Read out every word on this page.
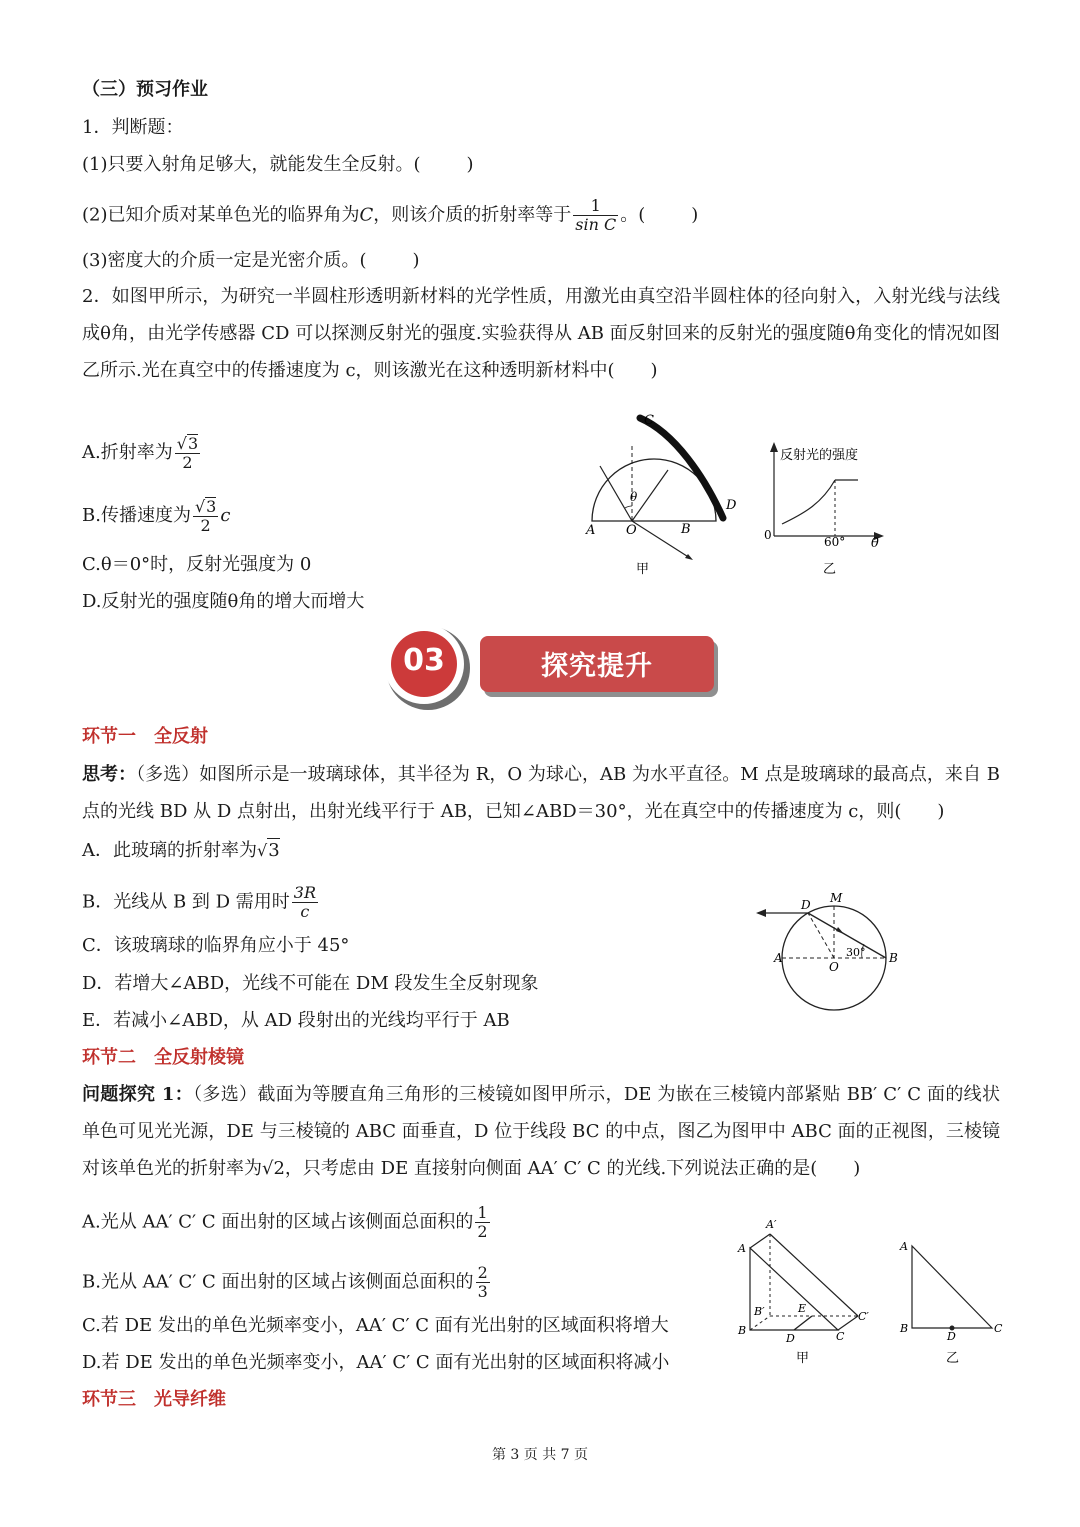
（三）预习作业
1．判断题：
(1)只要入射角足够大，就能发生全反射。(	)
(2)已知介质对某单色光的临界角为C，则该介质的折射率等于 $\frac{1}{\text{sin C}}$ 。(	)
(3)密度大的介质一定是光密介质。(	)
2．如图甲所示，为研究一半圆柱形透明新材料的光学性质，用激光由真空沿半圆柱体的径向射入，入射光线与法线成θ角，由光学传感器 CD 可以探测反射光的强度.实验获得从 AB 面反射回来的反射光的强度随θ角变化的情况如图乙所示.光在真空中的传播速度为 c，则该激光在这种透明新材料中(　　)
A.折射率为 $\frac{√3}{2}$
B.传播速度为 $\frac{√3}{2}$ c
C.θ＝0°时，反射光强度为 0
D.反射光的强度随θ角的增大而增大
C
D
A O	B
θ
甲
反射光的强度
0	60° θ
乙
03	探究提升
环节一　全反射
思考：（多选）如图所示是一玻璃球体，其半径为 R，O 为球心，AB 为水平直径。M 点是玻璃球的最高点，来自 B 点的光线 BD 从 D 点射出，出射光线平行于 AB，已知∠ABD＝30°，光在真空中的传播速度为 c，则(　　)
A．此玻璃的折射率为√3
B．光线从 B 到 D 需用时 $\frac{3R}{c}$
C．该玻璃球的临界角应小于 45°
D．若增大∠ABD，光线不可能在 DM 段发生全反射现象
E．若减小∠ABD，从 AD 段射出的光线均平行于 AB
D M
A
O
B
30°
环节二　全反射棱镜
问题探究 1：（多选）截面为等腰直角三角形的三棱镜如图甲所示，DE 为嵌在三棱镜内部紧贴 BB′ C′ C 面的线状单色可见光光源，DE 与三棱镜的 ABC 面垂直，D 位于线段 BC 的中点，图乙为图甲中 ABC 面的正视图，三棱镜对该单色光的折射率为√2，只考虑由 DE 直接射向侧面 AA′ C′ C 的光线.下列说法正确的是(　　)
A.光从 AA′ C′ C 面出射的区域占该侧面总面积的 $\frac{1}{2}$
B.光从 AA′ C′ C 面出射的区域占该侧面总面积的 $\frac{2}{3}$
C.若 DE 发出的单色光频率变小，AA′ C′ C 面有光出射的区域面积将增大
D.若 DE 发出的单色光频率变小，AA′ C′ C 面有光出射的区域面积将减小
A′
A
B′	E
C′
B
D	C
甲
A
B
D
C
乙
环节三　光导纤维
第 3 页 共 7 页
